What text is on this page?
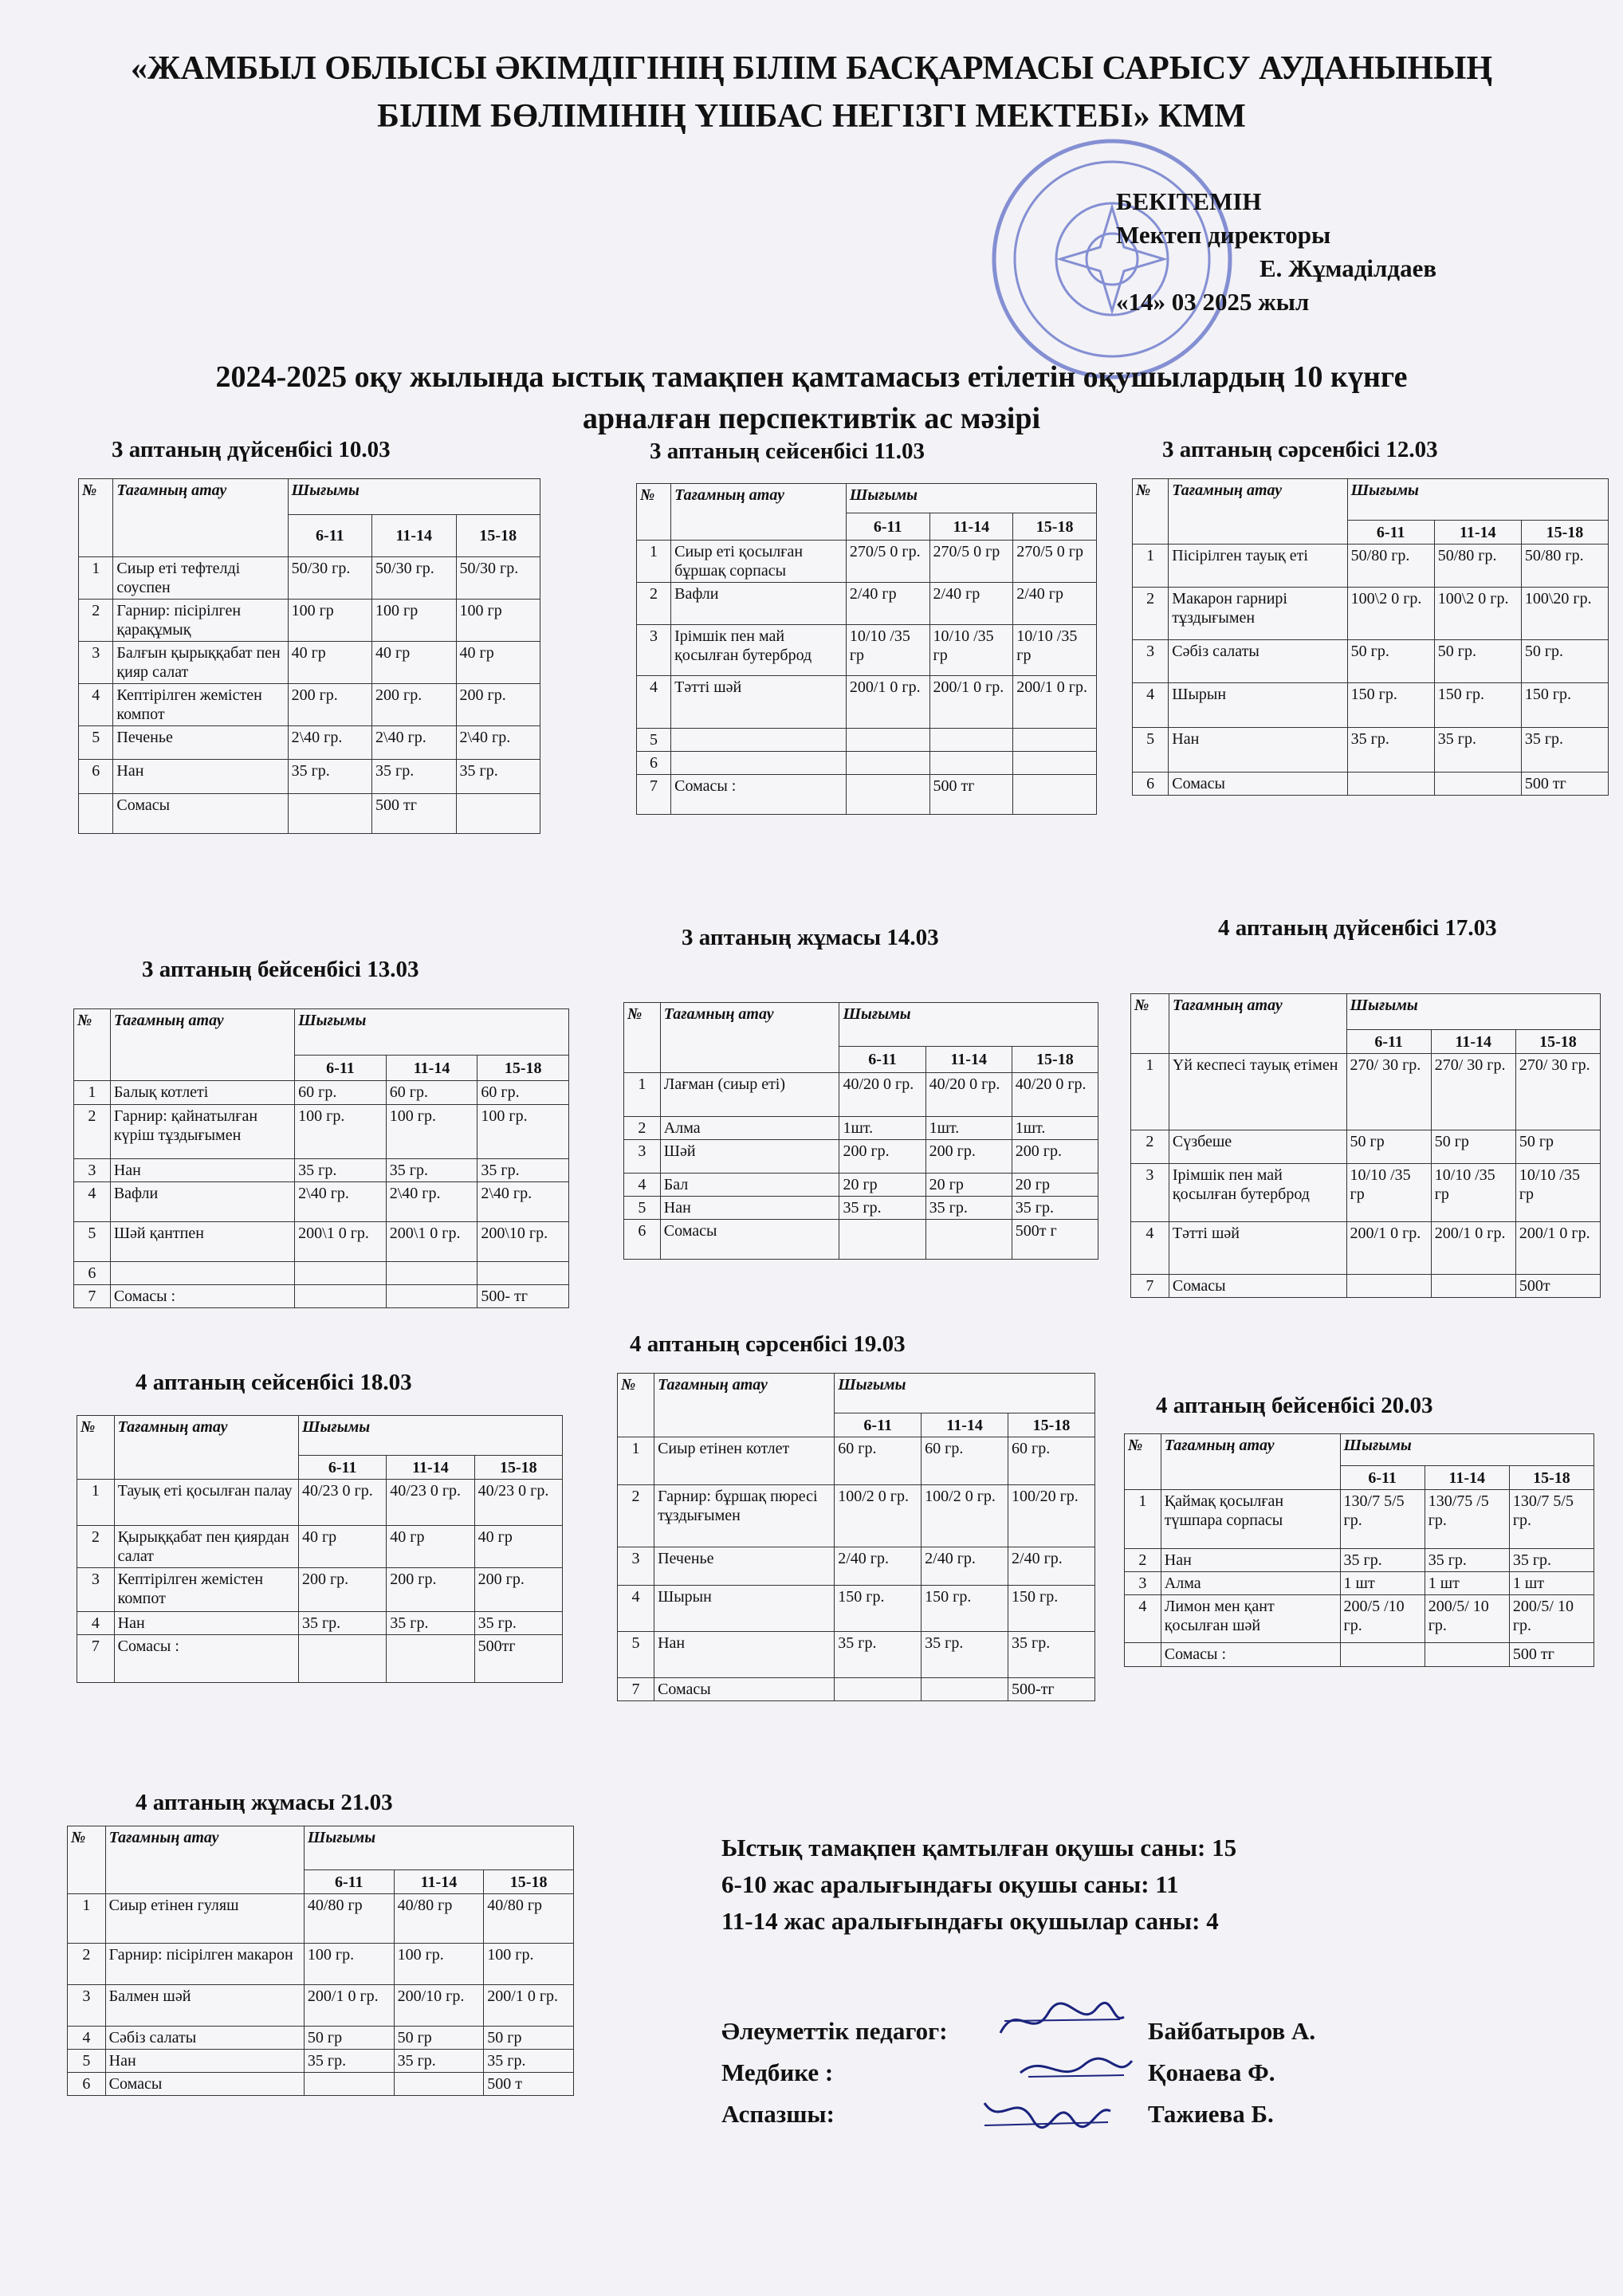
«ЖАМБЫЛ ОБЛЫСЫ ӘКІМДІГІНІҢ БІЛІМ БАСҚАРМАСЫ САРЫСУ АУДАНЫНЫҢ
БІЛІМ БӨЛІМІНІҢ ҮШБАС НЕГІЗГІ МЕКТЕБІ» КММ
БЕКІТЕМІН
Мектеп директоры
Е. Жұмаділдаев
«14» 03 2025 жыл
2024-2025 оқу жылында ыстық тамақпен қамтамасыз етілетін оқушылардың 10 күнге
арналған перспективтік ас мәзірі
3 аптаның дүйсенбісі 10.03
№	Тағамның атау	Шығымы		
		6-11	11-14	15-18
1	Сиыр еті тефтелді соуспен	50/30 гр.	50/30 гр.	50/30 гр.
2	Гарнир: пісірілген қарақұмық	100 гр	100 гр	100 гр
3	Балғын қырыққабат пен қияр салат	40 гр	40 гр	40 гр
4	Кептірілген жемістен компот	200 гр.	200 гр.	200 гр.
5	Печенье	2\40 гр.	2\40 гр.	2\40 гр.
6	Нан	35 гр.	35 гр.	35 гр.
	Сомасы		500 тг	
3 аптаның сейсенбісі 11.03
№	Тағамның атау	Шығымы		
		6-11	11-14	15-18
1	Сиыр еті қосылған бұршақ сорпасы	270/5 0 гр.	270/5 0 гр	270/5 0 гр
2	Вафли	2/40 гр	2/40 гр	2/40 гр
3	Ірімшік пен май қосылған бутерброд	10/10 /35 гр	10/10 /35 гр	10/10 /35 гр
4	Тәтті шәй	200/1 0 гр.	200/1 0 гр.	200/1 0 гр.
5				
6				
7	Сомасы :		500 тг	
3 аптаның сәрсенбісі 12.03
№	Тағамның атау	Шығымы		
		6-11	11-14	15-18
1	Пісірілген тауық еті	50/80 гр.	50/80 гр.	50/80 гр.
2	Макарон гарнирі тұздығымен	100\2 0 гр.	100\2 0 гр.	100\20 гр.
3	Сәбіз салаты	50 гр.	50 гр.	50 гр.
4	Шырын	150 гр.	150 гр.	150 гр.
5	Нан	35 гр.	35 гр.	35 гр.
6	Сомасы			500 тг
3 аптаның бейсенбісі 13.03
№	Тағамның атау	Шығымы		
		6-11	11-14	15-18
1	Балық котлеті	60 гр.	60 гр.	60 гр.
2	Гарнир: қайнатылған күріш тұздығымен	100 гр.	100 гр.	100 гр.
3	Нан	35 гр.	35 гр.	35 гр.
4	Вафли	2\40 гр.	2\40 гр.	2\40 гр.
5	Шәй қантпен	200\1 0 гр.	200\1 0 гр.	200\10 гр.
6				
7	Сомасы :			500- тг
3 аптаның жұмасы 14.03
№	Тағамның атау	Шығымы		
		6-11	11-14	15-18
1	Лағман (сиыр еті)	40/20 0 гр.	40/20 0 гр.	40/20 0 гр.
2	Алма	1шт.	1шт.	1шт.
3	Шәй	200 гр.	200 гр.	200 гр.
4	Бал	20 гр	20 гр	20 гр
5	Нан	35 гр.	35 гр.	35 гр.
6	Сомасы			500т г
4 аптаның дүйсенбісі 17.03
№	Тағамның атау	Шығымы		
		6-11	11-14	15-18
1	Үй кеспесі тауық етімен	270/ 30 гр.	270/ 30 гр.	270/ 30 гр.
2	Сүзбеше	50 гр	50 гр	50 гр
3	Ірімшік пен май қосылған бутерброд	10/10 /35 гр	10/10 /35 гр	10/10 /35 гр
4	Тәтті шәй	200/1 0 гр.	200/1 0 гр.	200/1 0 гр.
7	Сомасы			500т
4 аптаның сейсенбісі 18.03
№	Тағамның атау	Шығымы		
		6-11	11-14	15-18
1	Тауық еті қосылған палау	40/23 0 гр.	40/23 0 гр.	40/23 0 гр.
2	Қырыққабат пен қиярдан салат	40 гр	40 гр	40 гр
3	Кептірілген жемістен компот	200 гр.	200 гр.	200 гр.
4	Нан	35 гр.	35 гр.	35 гр.
7	Сомасы :			500тг
4 аптаның сәрсенбісі 19.03
№	Тағамның атау	Шығымы		
		6-11	11-14	15-18
1	Сиыр етінен котлет	60 гр.	60 гр.	60 гр.
2	Гарнир: бұршақ пюресі тұздығымен	100/2 0 гр.	100/2 0 гр.	100/20 гр.
3	Печенье	2/40 гр.	2/40 гр.	2/40 гр.
4	Шырын	150 гр.	150 гр.	150 гр.
5	Нан	35 гр.	35 гр.	35 гр.
7	Сомасы			500-тг
4 аптаның бейсенбісі 20.03
№	Тағамның атау	Шығымы		
		6-11	11-14	15-18
1	Қаймақ қосылған түшпара сорпасы	130/7 5/5 гр.	130/75 /5 гр.	130/7 5/5 гр.
2	Нан	35 гр.	35 гр.	35 гр.
3	Алма	1 шт	1 шт	1 шт
4	Лимон мен қант қосылған шәй	200/5 /10 гр.	200/5/ 10 гр.	200/5/ 10 гр.
	Сомасы :			500 тг
4 аптаның жұмасы 21.03
№	Тағамның атау	Шығымы		
		6-11	11-14	15-18
1	Сиыр етінен гуляш	40/80 гр	40/80 гр	40/80 гр
2	Гарнир: пісірілген макарон	100 гр.	100 гр.	100 гр.
3	Балмен шәй	200/1 0 гр.	200/10 гр.	200/1 0 гр.
4	Сәбіз салаты	50 гр	50 гр	50 гр
5	Нан	35 гр.	35 гр.	35 гр.
6	Сомасы			500 т
Ыстық тамақпен қамтылған оқушы саны: 15
6-10 жас аралығындағы оқушы саны: 11
11-14 жас аралығындағы оқушылар саны: 4
Әлеуметтік педагог:	Байбатыров А.
Медбике :	Қонаева Ф.
Аспазшы:	Тажиева Б.
